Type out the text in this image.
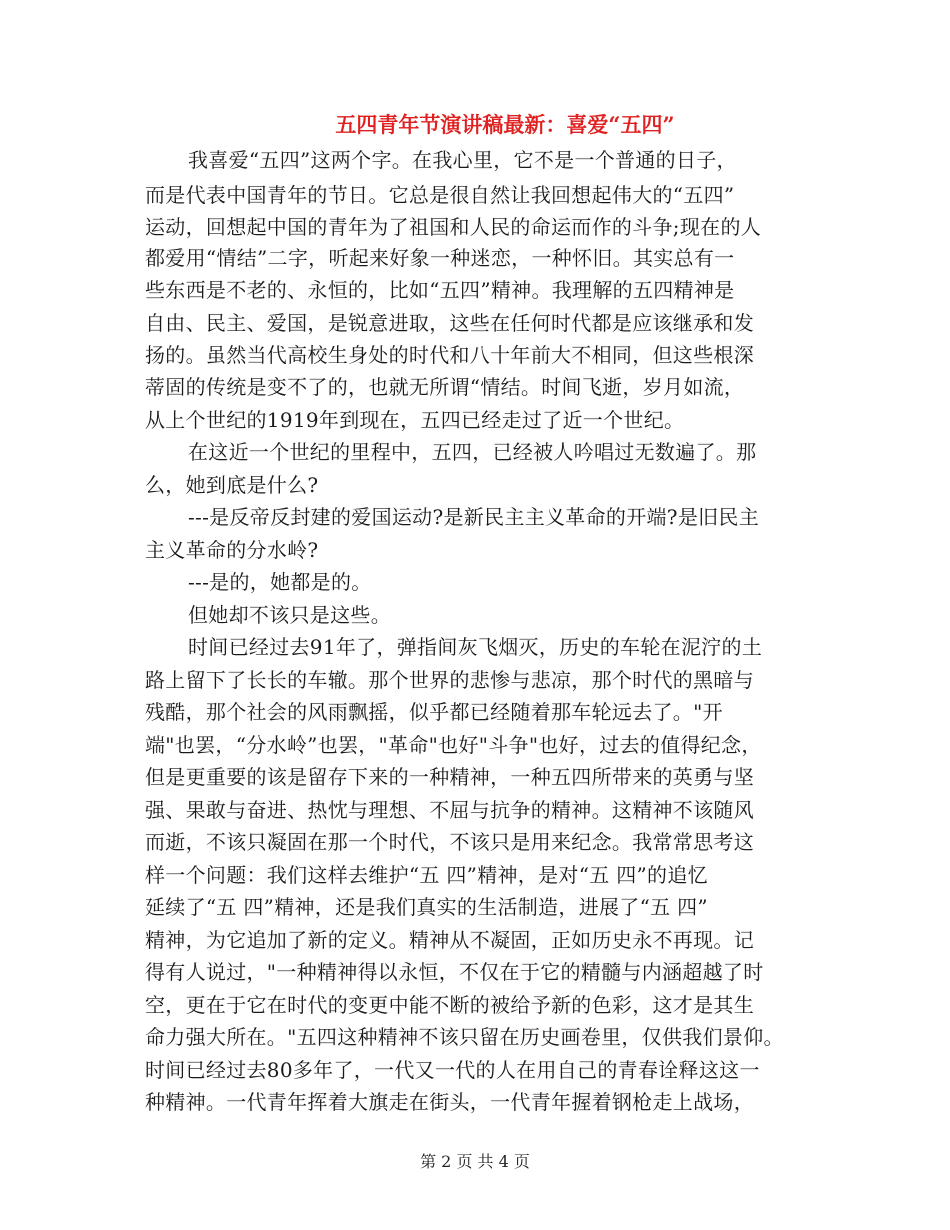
五四青年节演讲稿最新：喜爱“五四”
我喜爱“五四”这两个字。在我心里，它不是一个普通的日子，
而是代表中国青年的节日。它总是很自然让我回想起伟大的“五四”
运动，回想起中国的青年为了祖国和人民的命运而作的斗争;现在的人
都爱用“情结”二字，听起来好象一种迷恋，一种怀旧。其实总有一
些东西是不老的、永恒的，比如“五四”精神。我理解的五四精神是
自由、民主、爱国，是锐意进取，这些在任何时代都是应该继承和发
扬的。虽然当代高校生身处的时代和八十年前大不相同，但这些根深
蒂固的传统是变不了的，也就无所谓“情结。时间飞逝，岁月如流，
从上个世纪的1919年到现在，五四已经走过了近一个世纪。
在这近一个世纪的里程中，五四，已经被人吟唱过无数遍了。那
么，她到底是什么?
---是反帝反封建的爱国运动?是新民主主义革命的开端?是旧民主
主义革命的分水岭?
---是的，她都是的。
但她却不该只是这些。
时间已经过去91年了，弹指间灰飞烟灭，历史的车轮在泥泞的土
路上留下了长长的车辙。那个世界的悲惨与悲凉，那个时代的黑暗与
残酷，那个社会的风雨飘摇，似乎都已经随着那车轮远去了。"开
端"也罢，“分水岭”也罢，"革命"也好"斗争"也好，过去的值得纪念，
但是更重要的该是留存下来的一种精神，一种五四所带来的英勇与坚
强、果敢与奋进、热忱与理想、不屈与抗争的精神。这精神不该随风
而逝，不该只凝固在那一个时代，不该只是用来纪念。我常常思考这
样一个问题：我们这样去维护“五 四”精神，是对“五 四”的追忆
延续了“五 四”精神，还是我们真实的生活制造，进展了“五 四”
精神，为它追加了新的定义。精神从不凝固，正如历史永不再现。记
得有人说过，"一种精神得以永恒，不仅在于它的精髓与内涵超越了时
空，更在于它在时代的变更中能不断的被给予新的色彩，这才是其生
命力强大所在。"五四这种精神不该只留在历史画卷里，仅供我们景仰。
时间已经过去80多年了，一代又一代的人在用自己的青春诠释这这一
种精神。一代青年挥着大旗走在街头，一代青年握着钢枪走上战场，
第 2 页 共 4 页
